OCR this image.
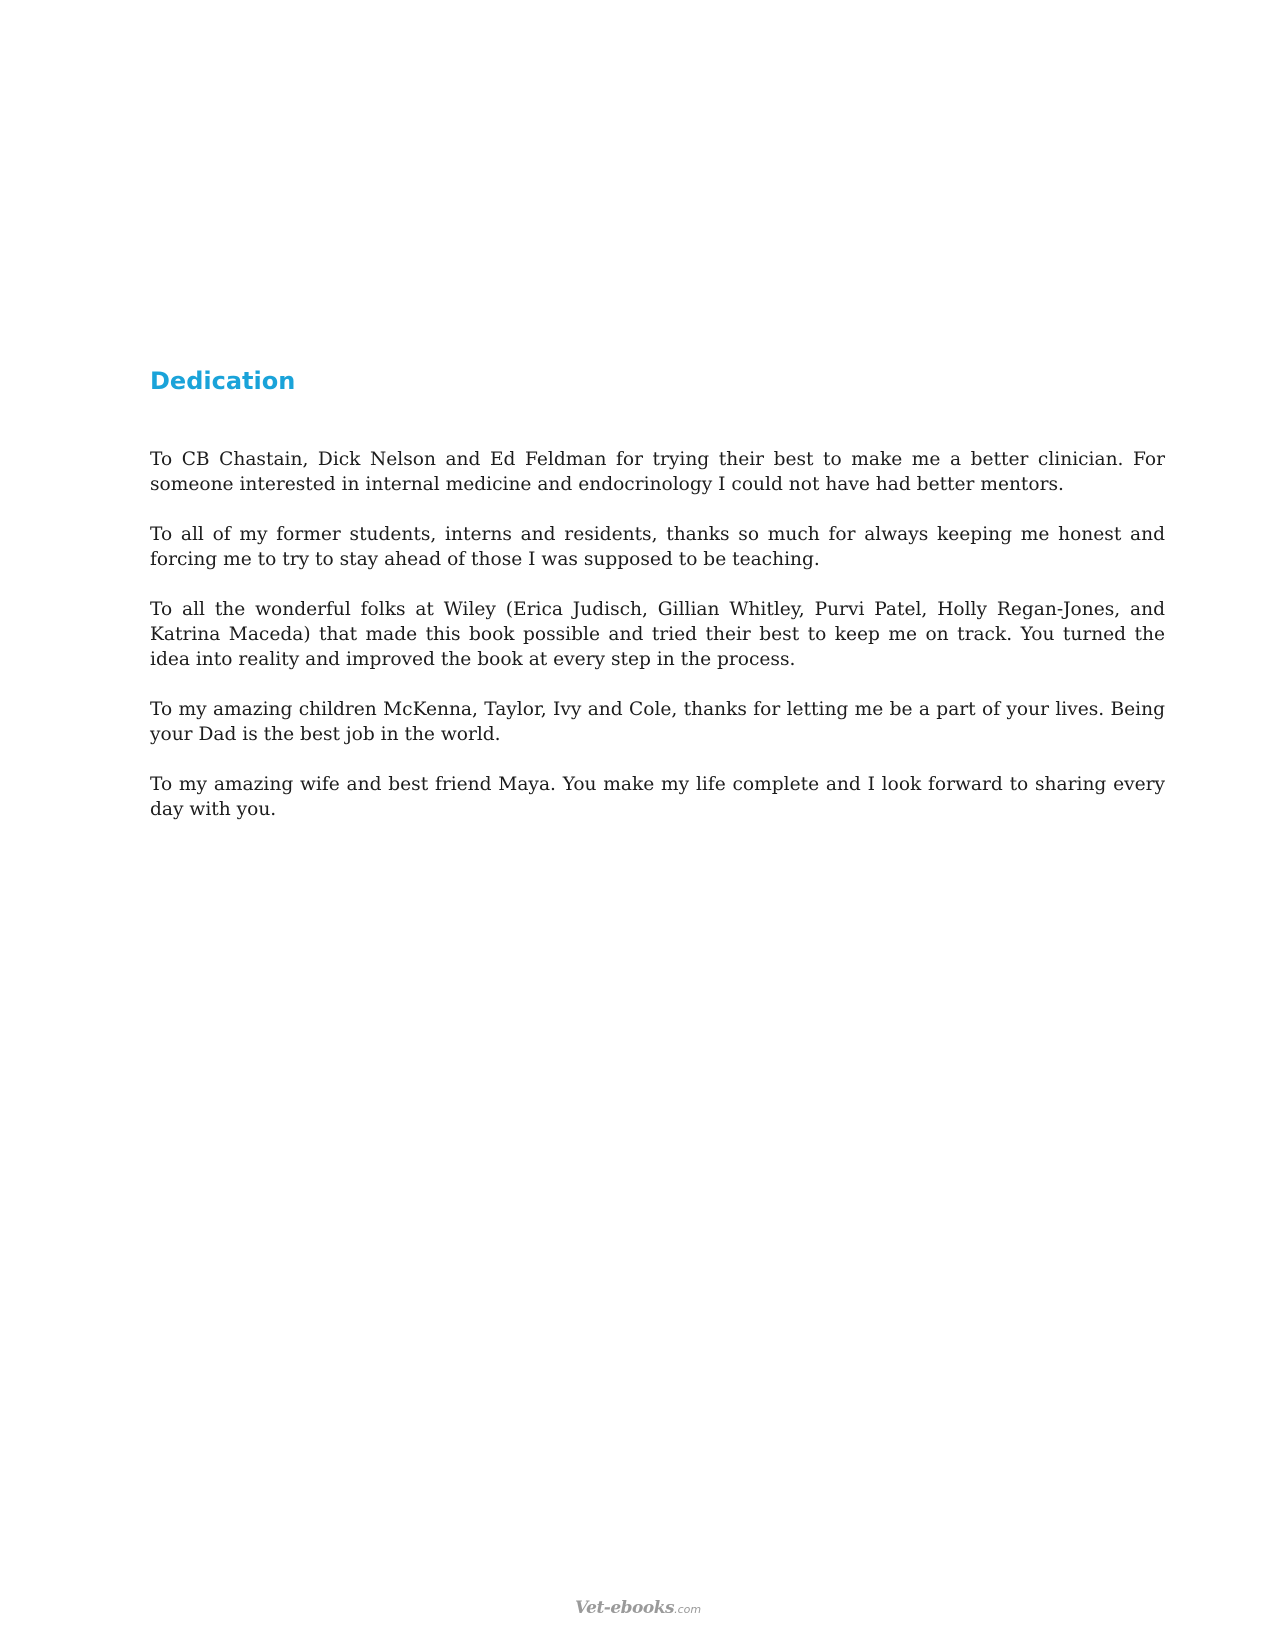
Dedication

To CB Chastain, Dick Nelson and Ed Feldman for trying their best to make me a better clinician. For someone interested in internal medicine and endocrinology I could not have had better mentors.

To all of my former students, interns and residents, thanks so much for always keeping me honest and forcing me to try to stay ahead of those I was supposed to be teaching.

To all the wonderful folks at Wiley (Erica Judisch, Gillian Whitley, Purvi Patel, Holly Regan-Jones, and Katrina Maceda) that made this book possible and tried their best to keep me on track. You turned the idea into reality and improved the book at every step in the process.

To my amazing children McKenna, Taylor, Ivy and Cole, thanks for letting me be a part of your lives. Being your Dad is the best job in the world.

To my amazing wife and best friend Maya. You make my life complete and I look forward to sharing every day with you.

Vet-ebooks.com
